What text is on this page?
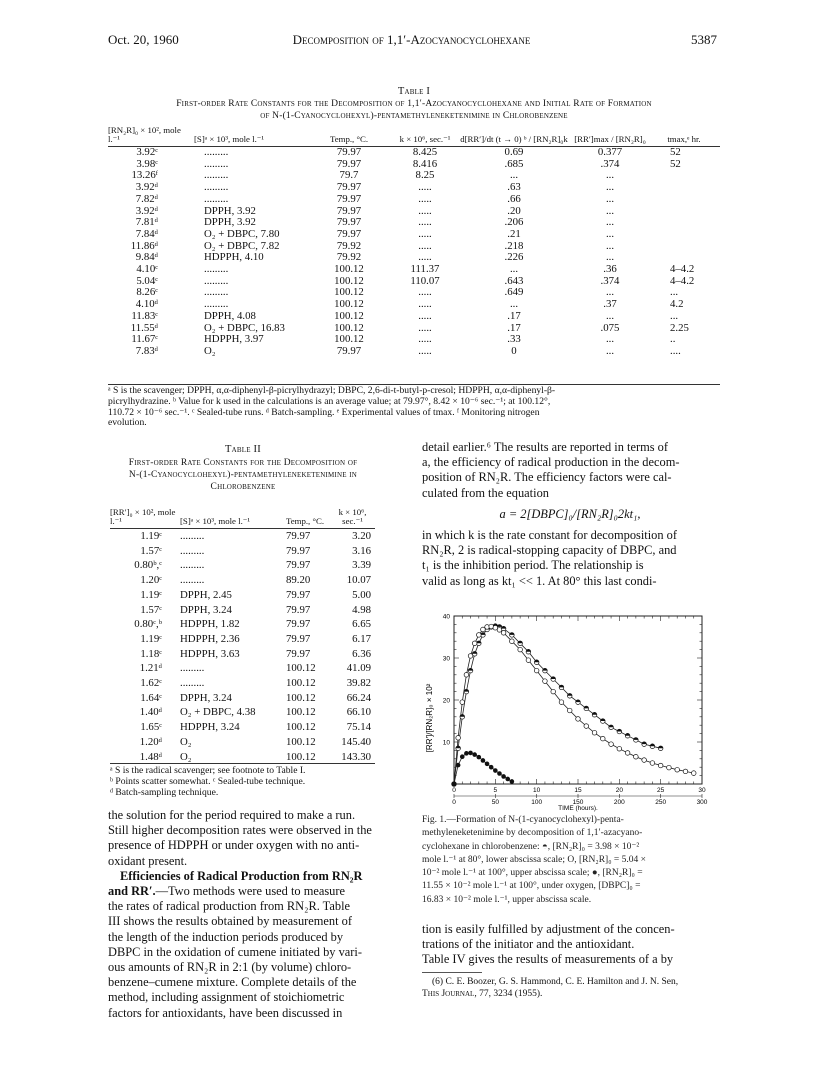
Oct. 20, 1960	Decomposition of 1,1′-Azocyanocyclohexane	5387
Table I
First-order Rate Constants for the Decomposition of 1,1′-Azocyanocyclohexane and Initial Rate of Formation
of N-(1-Cyanocyclohexyl)-pentamethyleneketenimine in Chlorobenzene
[RN₂R]₀ × 10², mole l.⁻¹	[S]ᵃ × 10³, mole l.⁻¹	Temp., °C.	k × 10⁶, sec.⁻¹	d[RR′]/dt (t → 0) ᵇ / [RN₂R]₀k	[RR′]max / [RN₂R]₀	tmax,ᵉ hr.
3.92ᶜ	.........	79.97	8.425	0.69	0.377	52
3.98ᶜ	.........	79.97	8.416	.685	.374	52
13.26ᶠ	.........	79.7	8.25	...	...	
3.92ᵈ	.........	79.97	.....	.63	...	
7.82ᵈ	.........	79.97	.....	.66	...	
3.92ᵈ	DPPH, 3.92	79.97	.....	.20	...	
7.81ᵈ	DPPH, 3.92	79.97	.....	.206	...	
7.84ᵈ	O₂ + DBPC, 7.80	79.97	.....	.21	...	
11.86ᵈ	O₂ + DBPC, 7.82	79.92	.....	.218	...	
9.84ᵈ	HDPPH, 4.10	79.92	.....	.226	...	
4.10ᶜ	.........	100.12	111.37	...	.36	4–4.2
5.04ᶜ	.........	100.12	110.07	.643	.374	4–4.2
8.26ᶜ	.........	100.12	.....	.649	...	...
4.10ᵈ	.........	100.12	.....	...	.37	4.2
11.83ᶜ	DPPH, 4.08	100.12	.....	.17	...	...
11.55ᵈ	O₂ + DBPC, 16.83	100.12	.....	.17	.075	2.25
11.67ᶜ	HDPPH, 3.97	100.12	.....	.33	...	..
7.83ᵈ	O₂	79.97	.....	0	...	....
ᵃ S is the scavenger; DPPH, α,α-diphenyl-β-picrylhydrazyl; DBPC, 2,6-di-t-butyl-p-cresol; HDPPH, α,α-diphenyl-β-
picrylhydrazine. ᵇ Value for k used in the calculations is an average value; at 79.97°, 8.42 × 10⁻⁶ sec.⁻¹; at 100.12°,
110.72 × 10⁻⁶ sec.⁻¹. ᶜ Sealed-tube runs. ᵈ Batch-sampling. ᵉ Experimental values of tmax. ᶠ Monitoring nitrogen
evolution.
Table II
First-order Rate Constants for the Decomposition of
N-(1-Cyanocyclohexyl)-pentamethyleneketenimine in
Chlorobenzene
[RR′]₀ × 10², mole l.⁻¹	[S]ᵃ × 10³, mole l.⁻¹	Temp., °C.	k × 10⁶, sec.⁻¹
1.19ᶜ	.........	79.97	3.20
1.57ᶜ	.........	79.97	3.16
0.80ᵇ,ᶜ	.........	79.97	3.39
1.20ᶜ	.........	89.20	10.07
1.19ᶜ	DPPH, 2.45	79.97	5.00
1.57ᶜ	DPPH, 3.24	79.97	4.98
0.80ᶜ,ᵇ	HDPPH, 1.82	79.97	6.65
1.19ᶜ	HDPPH, 2.36	79.97	6.17
1.18ᶜ	HDPPH, 3.63	79.97	6.36
1.21ᵈ	.........	100.12	41.09
1.62ᶜ	.........	100.12	39.82
1.64ᶜ	DPPH, 3.24	100.12	66.24
1.40ᵈ	O₂ + DBPC, 4.38	100.12	66.10
1.65ᶜ	HDPPH, 3.24	100.12	75.14
1.20ᵈ	O₂	100.12	145.40
1.48ᵈ	O₂	100.12	143.30
ᵃ S is the radical scavenger; see footnote to Table I.
ᵇ Points scatter somewhat. ᶜ Sealed-tube technique.
ᵈ Batch-sampling technique.
the solution for the period required to make a run.
Still higher decomposition rates were observed in the
presence of HDPPH or under oxygen with no anti-
oxidant present.
Efficiencies of Radical Production from RN₂R
and RR′.—Two methods were used to measure
the rates of radical production from RN₂R. Table
III shows the results obtained by measurement of
the length of the induction periods produced by
DBPC in the oxidation of cumene initiated by vari-
ous amounts of RN₂R in 2:1 (by volume) chloro-
benzene–cumene mixture. Complete details of the
method, including assignment of stoichiometric
factors for antioxidants, have been discussed in
detail earlier.⁶ The results are reported in terms of
a, the efficiency of radical production in the decom-
position of RN₂R. The efficiency factors were cal-
culated from the equation
a = 2[DBPC]₀/[RN₂R]₀2kt₁,
in which k is the rate constant for decomposition of
RN₂R, 2 is radical-stopping capacity of DBPC, and
t₁ is the inhibition period. The relationship is
valid as long as kt₁ << 1. At 80° this last condi-
10
20
30
40
0	5	10	15	20	25	30
0	50	100	150	200	250	300
[RR′]/[RN₂R]₀ × 10²
TIME (hours).
Fig. 1.—Formation of N-(1-cyanocyclohexyl)-penta-
methyleneketenimine by decomposition of 1,1′-azacyano-
cyclohexane in chlorobenzene: ◓, [RN₂R]₀ = 3.98 × 10⁻²
mole l.⁻¹ at 80°, lower abscissa scale; O, [RN₂R]₀ = 5.04 ×
10⁻² mole l.⁻¹ at 100°, upper abscissa scale; ●, [RN₂R]₀ =
11.55 × 10⁻² mole l.⁻¹ at 100°, under oxygen, [DBPC]₀ =
16.83 × 10⁻² mole l.⁻¹, upper abscissa scale.
tion is easily fulfilled by adjustment of the concen-
trations of the initiator and the antioxidant.
Table IV gives the results of measurements of a by
(6) C. E. Boozer, G. S. Hammond, C. E. Hamilton and J. N. Sen,
This Journal, 77, 3234 (1955).
